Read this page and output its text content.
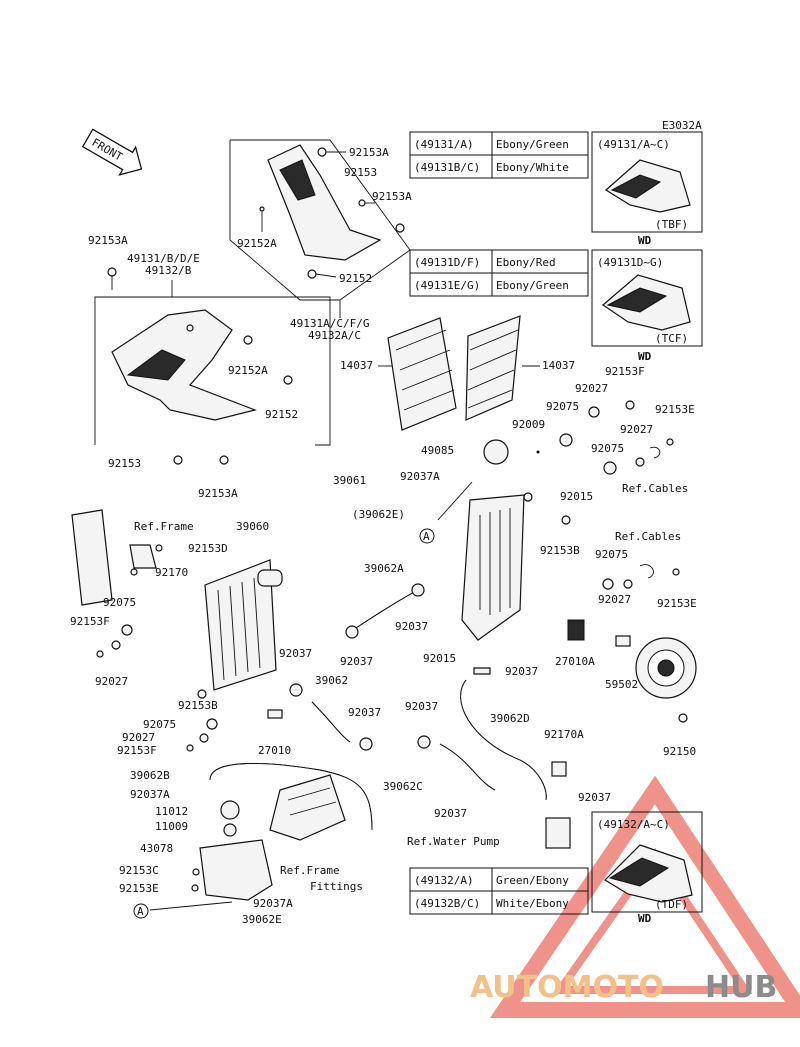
E3032A
FRONT	(49131/A) Ebony/Green
(49131B/C) Ebony/White
(49131D/F) Ebony/Red
(49131E/G) Ebony/Green
(49132/A) Green/Ebony
(49132B/C) White/Ebony
(49131/A~C)
(TBF)
WD
(49131D~G)
(TCF)
WD
(49132/A~C)
(TDF)
WD
92153A
92153
92153A
92152A
92152
49131A/C/F/G
49132A/C
92153A
49131/B/D/E
49132/B
92152A
92152
92153
92153A
14037	14037	92153F
92027
92075	92153E
92009
49085
92027
92075
39061	92037A
Ref.Cables
92015
(39062E)
92153B
A
Ref.Frame	39060
92153D
92170
Ref.Cables
92075
39062A
92075
92153F
92027
92037
92027 92153E
59502
92150
92037	92015
92037
27010A
92153B
92037
39062
92075
92027
92153F
92037
27010
92037
39062D
92170A
39062B
92037A
11012
11009
39062C
92037
92037
43078
Ref.Water Pump
92153C	Ref.Frame
Fittings
92153E
92037A
39062E
A
AUTOMOTO HUB
